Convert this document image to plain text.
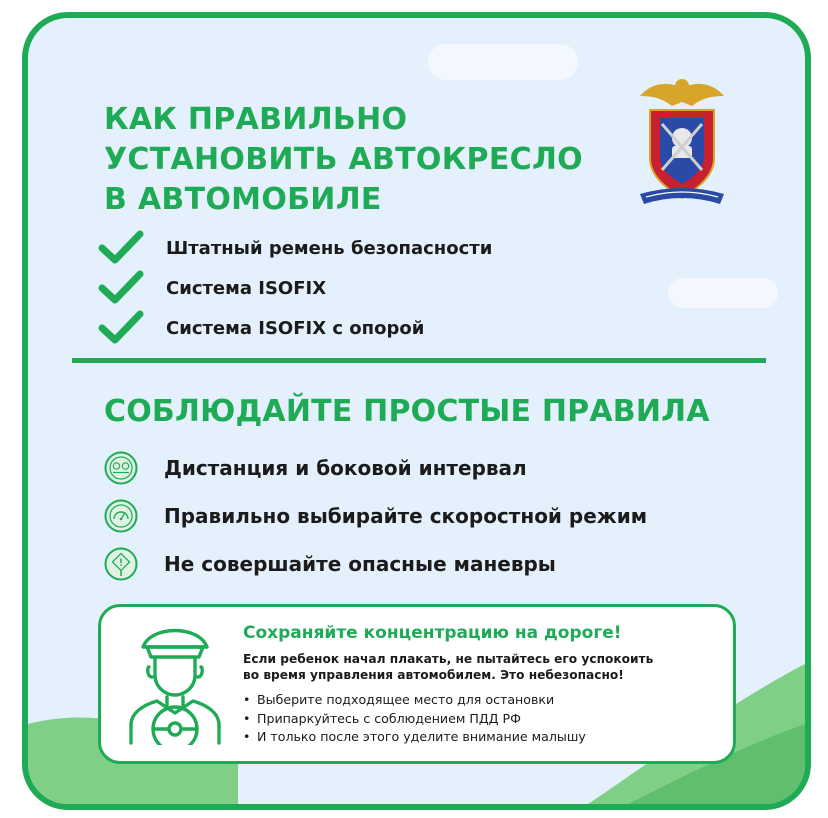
КАК ПРАВИЛЬНО
УСТАНОВИТЬ АВТОКРЕСЛО
В АВТОМОБИЛЕ
Штатный ремень безопасности
Система ISOFIX
Система ISOFIX с опорой
СОБЛЮДАЙТЕ ПРОСТЫЕ ПРАВИЛА
Дистанция и боковой интервал
Правильно выбирайте скоростной режим
Не совершайте опасные маневры

Сохраняйте концентрацию на дороге!

Если ребенок начал плакать, не пытайтесь его успокоить
во время управления автомобилем. Это небезопасно!

• Выберите подходящее место для остановки
• Припаркуйтесь с соблюдением ПДД РФ
• И только после этого уделите внимание малышу
